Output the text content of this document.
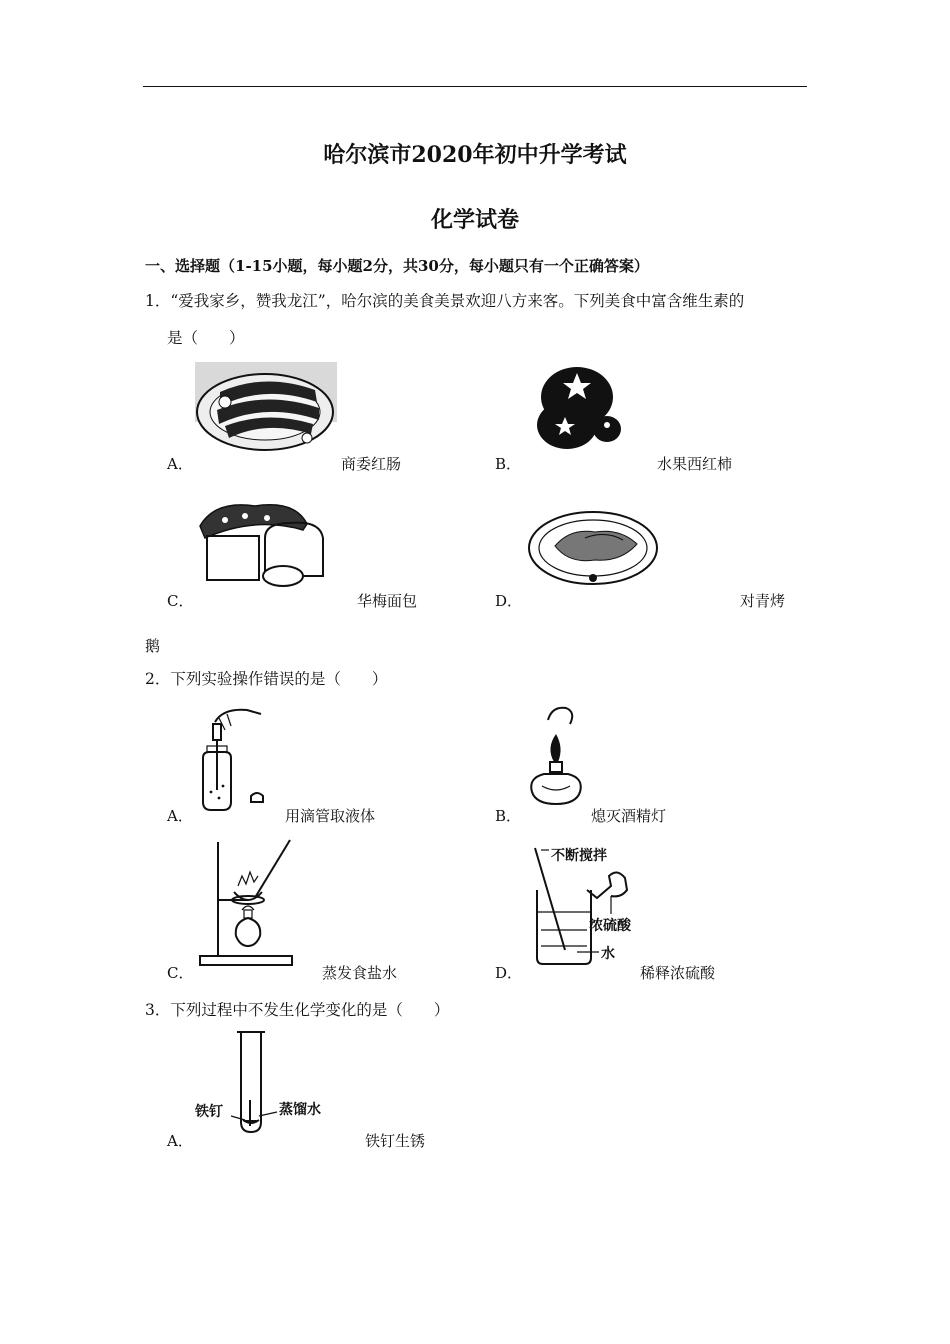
哈尔滨市2020年初中升学考试
化学试卷
一、选择题（1-15小题，每小题2分，共30分，每小题只有一个正确答案）
1．“爱我家乡，赞我龙江”，哈尔滨的美食美景欢迎八方来客。下列美食中富含维生素的
是（　　）
A．	商委红肠	B．	水果西红柿
C．	华梅面包	D．	对青烤
鹅
2．下列实验操作错误的是（　　）
A．	用滴管取液体	B．	熄灭酒精灯
C．	蒸发食盐水
不断搅拌
浓硫酸
水
D．	稀释浓硫酸
3．下列过程中不发生化学变化的是（　　）
铁钉	蒸馏水
A．	铁钉生锈
